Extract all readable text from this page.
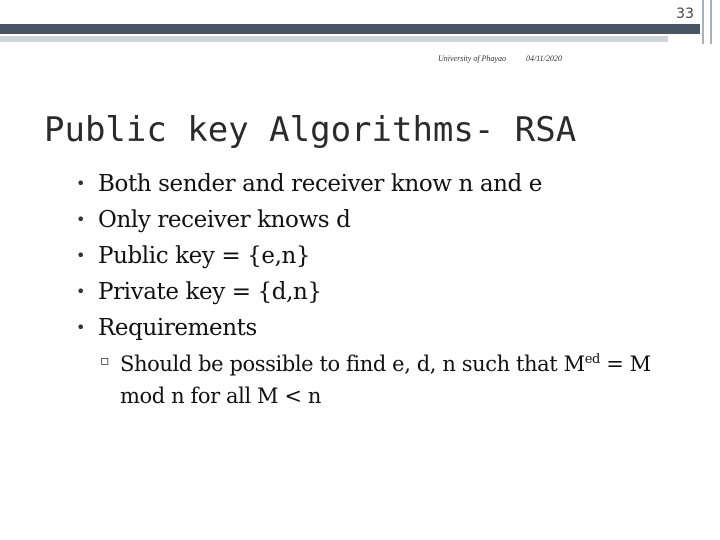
33
University of Phayao	04/11/2020
Public key Algorithms- RSA
• Both sender and receiver know n and e
• Only receiver knows d
• Public key = {e,n}
• Private key = {d,n}
• Requirements
▫ Should be possible to find e, d, n such that $M^{ed} = M$ mod n for all M < n
